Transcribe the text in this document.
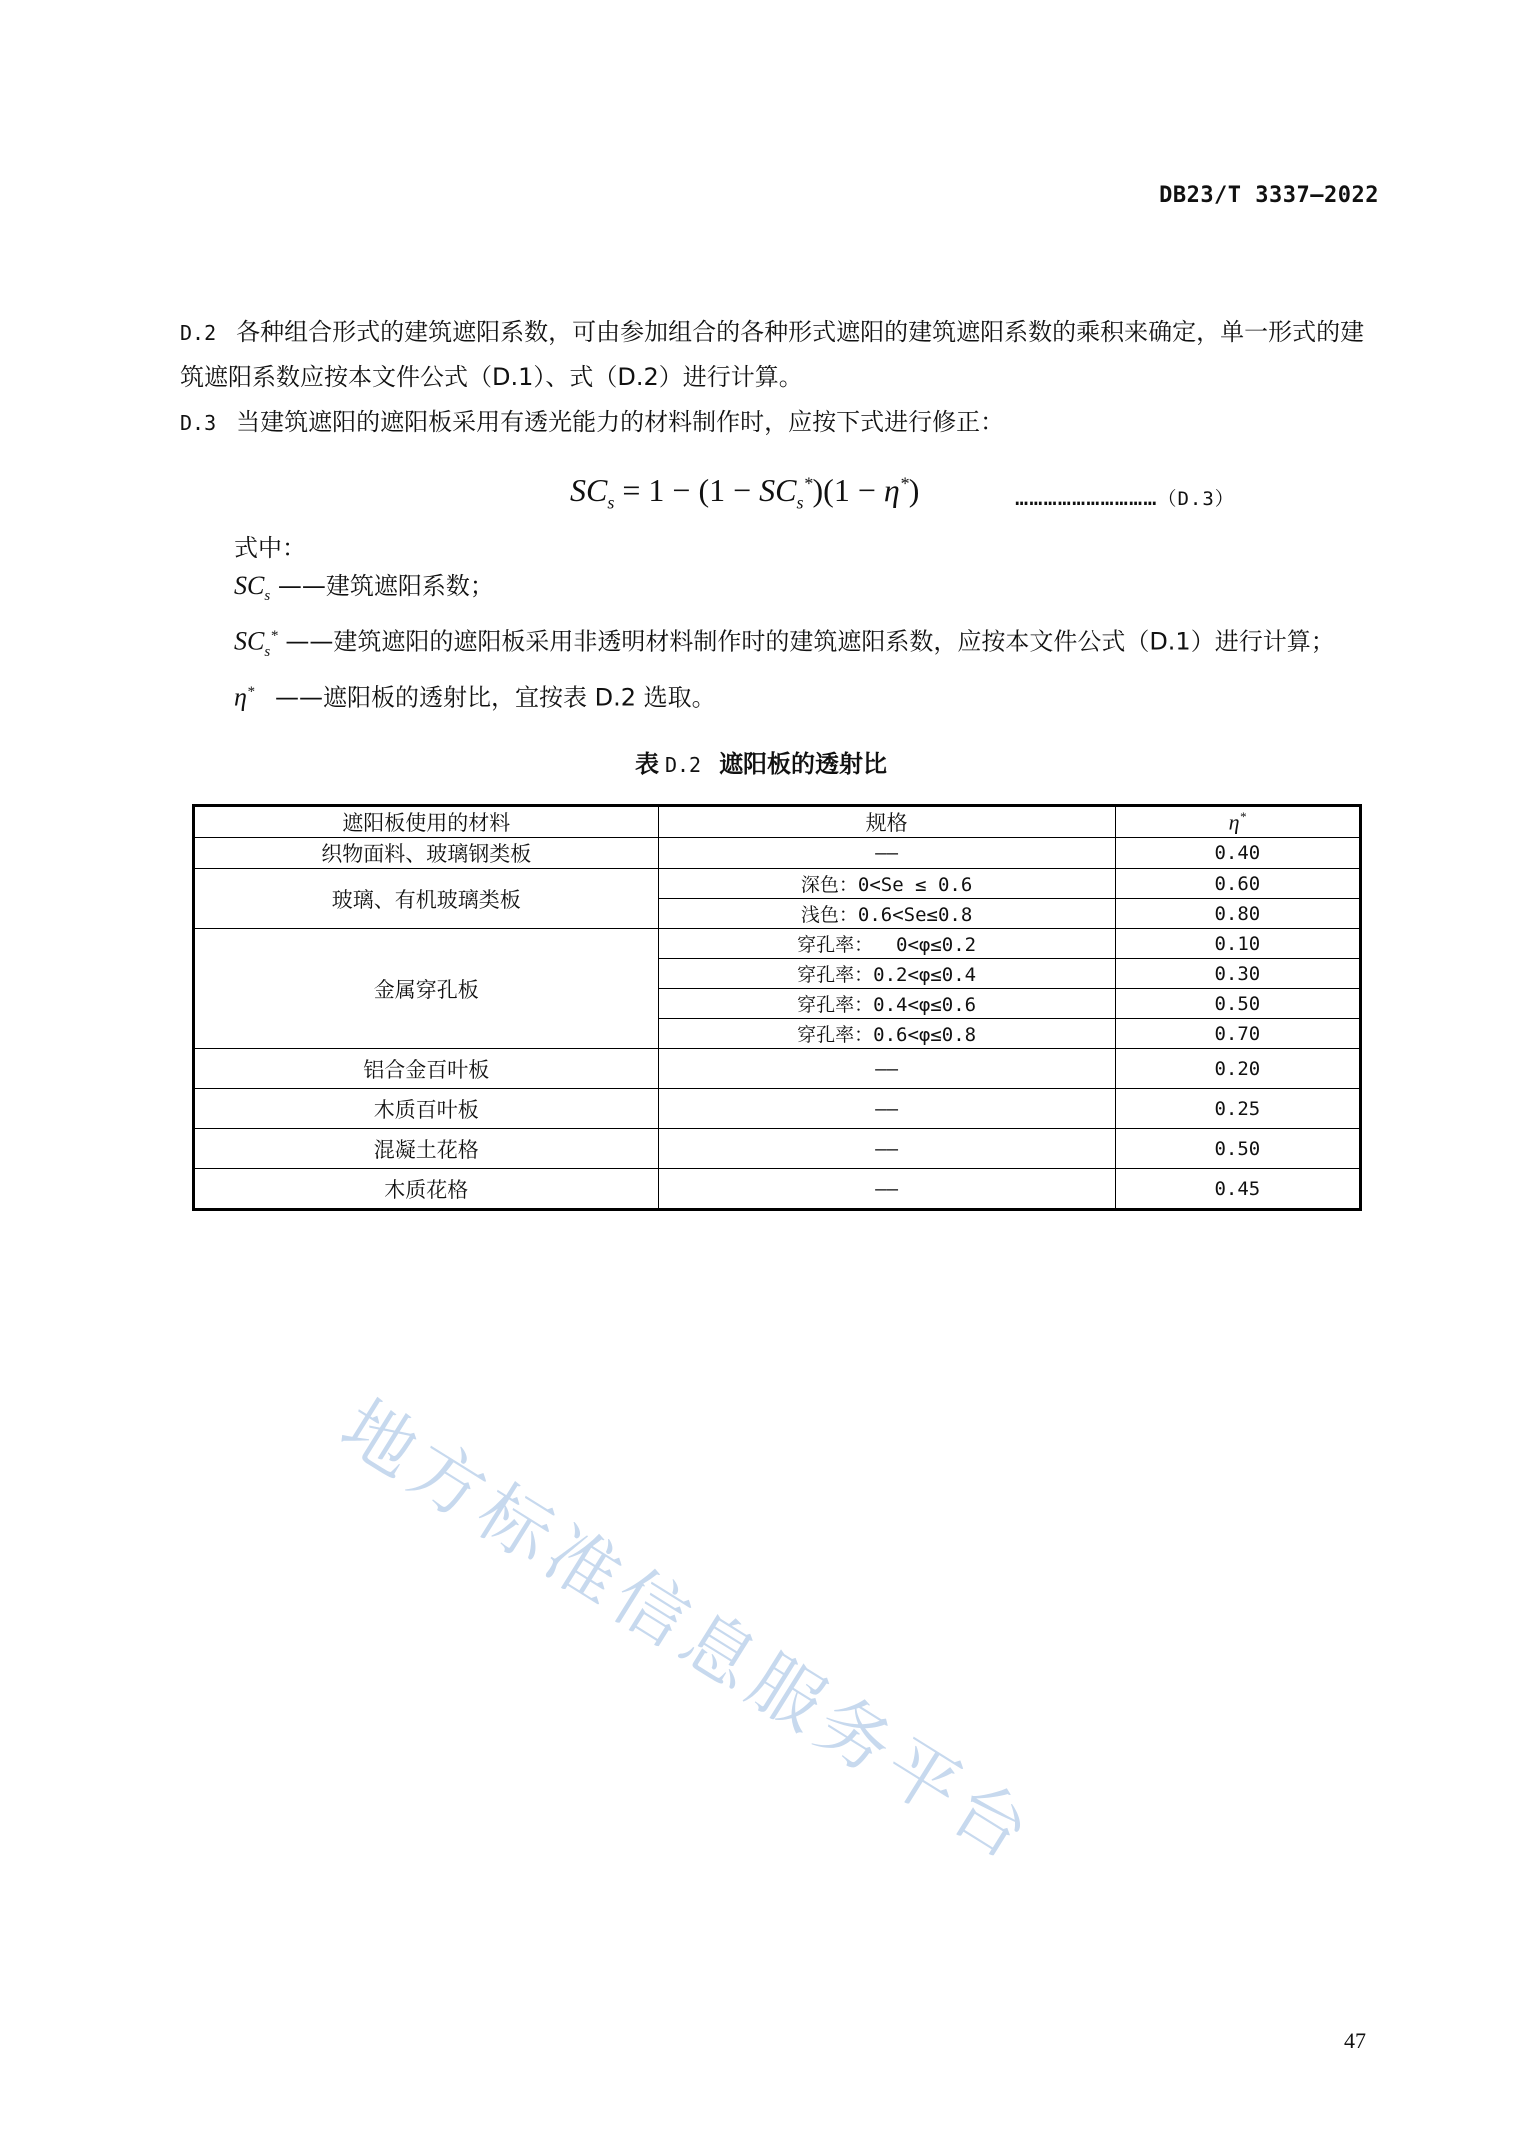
DB23/T 3337—2022
D.2 各种组合形式的建筑遮阳系数，可由参加组合的各种形式遮阳的建筑遮阳系数的乘积来确定，单一形式的建筑遮阳系数应按本文件公式（D.1）、式（D.2）进行计算。
D.3 当建筑遮阳的遮阳板采用有透光能力的材料制作时，应按下式进行修正：
$SC_s = 1 - (1 - SC_s^*)(1 - \eta^*)$	…………………………（D.3）
式中：
$SC_s$ ——建筑遮阳系数；
$SC_s^*$ ——建筑遮阳的遮阳板采用非透明材料制作时的建筑遮阳系数，应按本文件公式（D.1）进行计算；
η* ——遮阳板的透射比，宜按表 D.2 选取。
表 D.2 遮阳板的透射比
遮阳板使用的材料	规格	η*
织物面料、玻璃钢类板	——	0.40
玻璃、有机玻璃类板	深色：0<Se ≤ 0.6	0.60
	浅色：0.6<Se≤0.8	0.80
金属穿孔板	穿孔率：  0<φ≤0.2	0.10
	穿孔率：0.2<φ≤0.4	0.30
	穿孔率：0.4<φ≤0.6	0.50
	穿孔率：0.6<φ≤0.8	0.70
铝合金百叶板	——	0.20
木质百叶板	——	0.25
混凝土花格	——	0.50
木质花格	——	0.45
地方标准信息服务平台
47
